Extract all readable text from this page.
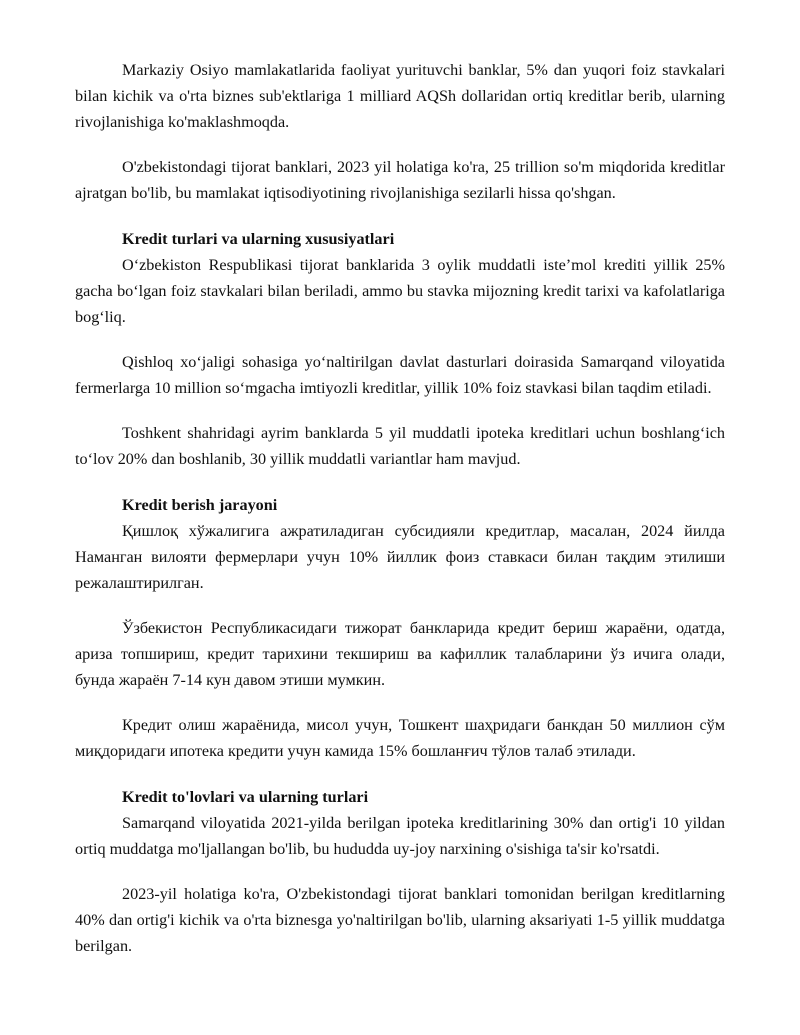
Markaziy Osiyo mamlakatlarida faoliyat yurituvchi banklar, 5% dan yuqori foiz stavkalari bilan kichik va o'rta biznes sub'ektlariga 1 milliard AQSh dollaridan ortiq kreditlar berib, ularning rivojlanishiga ko'maklashmoqda.

O'zbekistondagi tijorat banklari, 2023 yil holatiga ko'ra, 25 trillion so'm miqdorida kreditlar ajratgan bo'lib, bu mamlakat iqtisodiyotining rivojlanishiga sezilarli hissa qo'shgan.

Kredit turlari va ularning xususiyatlari

O‘zbekiston Respublikasi tijorat banklarida 3 oylik muddatli iste’mol krediti yillik 25% gacha bo‘lgan foiz stavkalari bilan beriladi, ammo bu stavka mijozning kredit tarixi va kafolatlariga bog‘liq.

Qishloq xo‘jaligi sohasiga yo‘naltirilgan davlat dasturlari doirasida Samarqand viloyatida fermerlarga 10 million so‘mgacha imtiyozli kreditlar, yillik 10% foiz stavkasi bilan taqdim etiladi.

Toshkent shahridagi ayrim banklarda 5 yil muddatli ipoteka kreditlari uchun boshlang‘ich to‘lov 20% dan boshlanib, 30 yillik muddatli variantlar ham mavjud.

Kredit berish jarayoni

Қишлоқ хўжалигига ажратиладиган субсидияли кредитлар, масалан, 2024 йилда Наманган вилояти фермерлари учун 10% йиллик фоиз ставкаси билан тақдим этилиши режалаштирилган.

Ўзбекистон Республикасидаги тижорат банкларида кредит бериш жараёни, одатда, ариза топшириш, кредит тарихини текшириш ва кафиллик талабларини ўз ичига олади, бунда жараён 7-14 кун давом этиши мумкин.

Кредит олиш жараёнида, мисол учун, Тошкент шаҳридаги банкдан 50 миллион сўм миқдоридаги ипотека кредити учун камида 15% бошланғич тўлов талаб этилади.

Kredit to'lovlari va ularning turlari

Samarqand viloyatida 2021-yilda berilgan ipoteka kreditlarining 30% dan ortig'i 10 yildan ortiq muddatga mo'ljallangan bo'lib, bu hududda uy-joy narxining o'sishiga ta'sir ko'rsatdi.

2023-yil holatiga ko'ra, O'zbekistondagi tijorat banklari tomonidan berilgan kreditlarning 40% dan ortig'i kichik va o'rta biznesga yo'naltirilgan bo'lib, ularning aksariyati 1-5 yillik muddatga berilgan.
